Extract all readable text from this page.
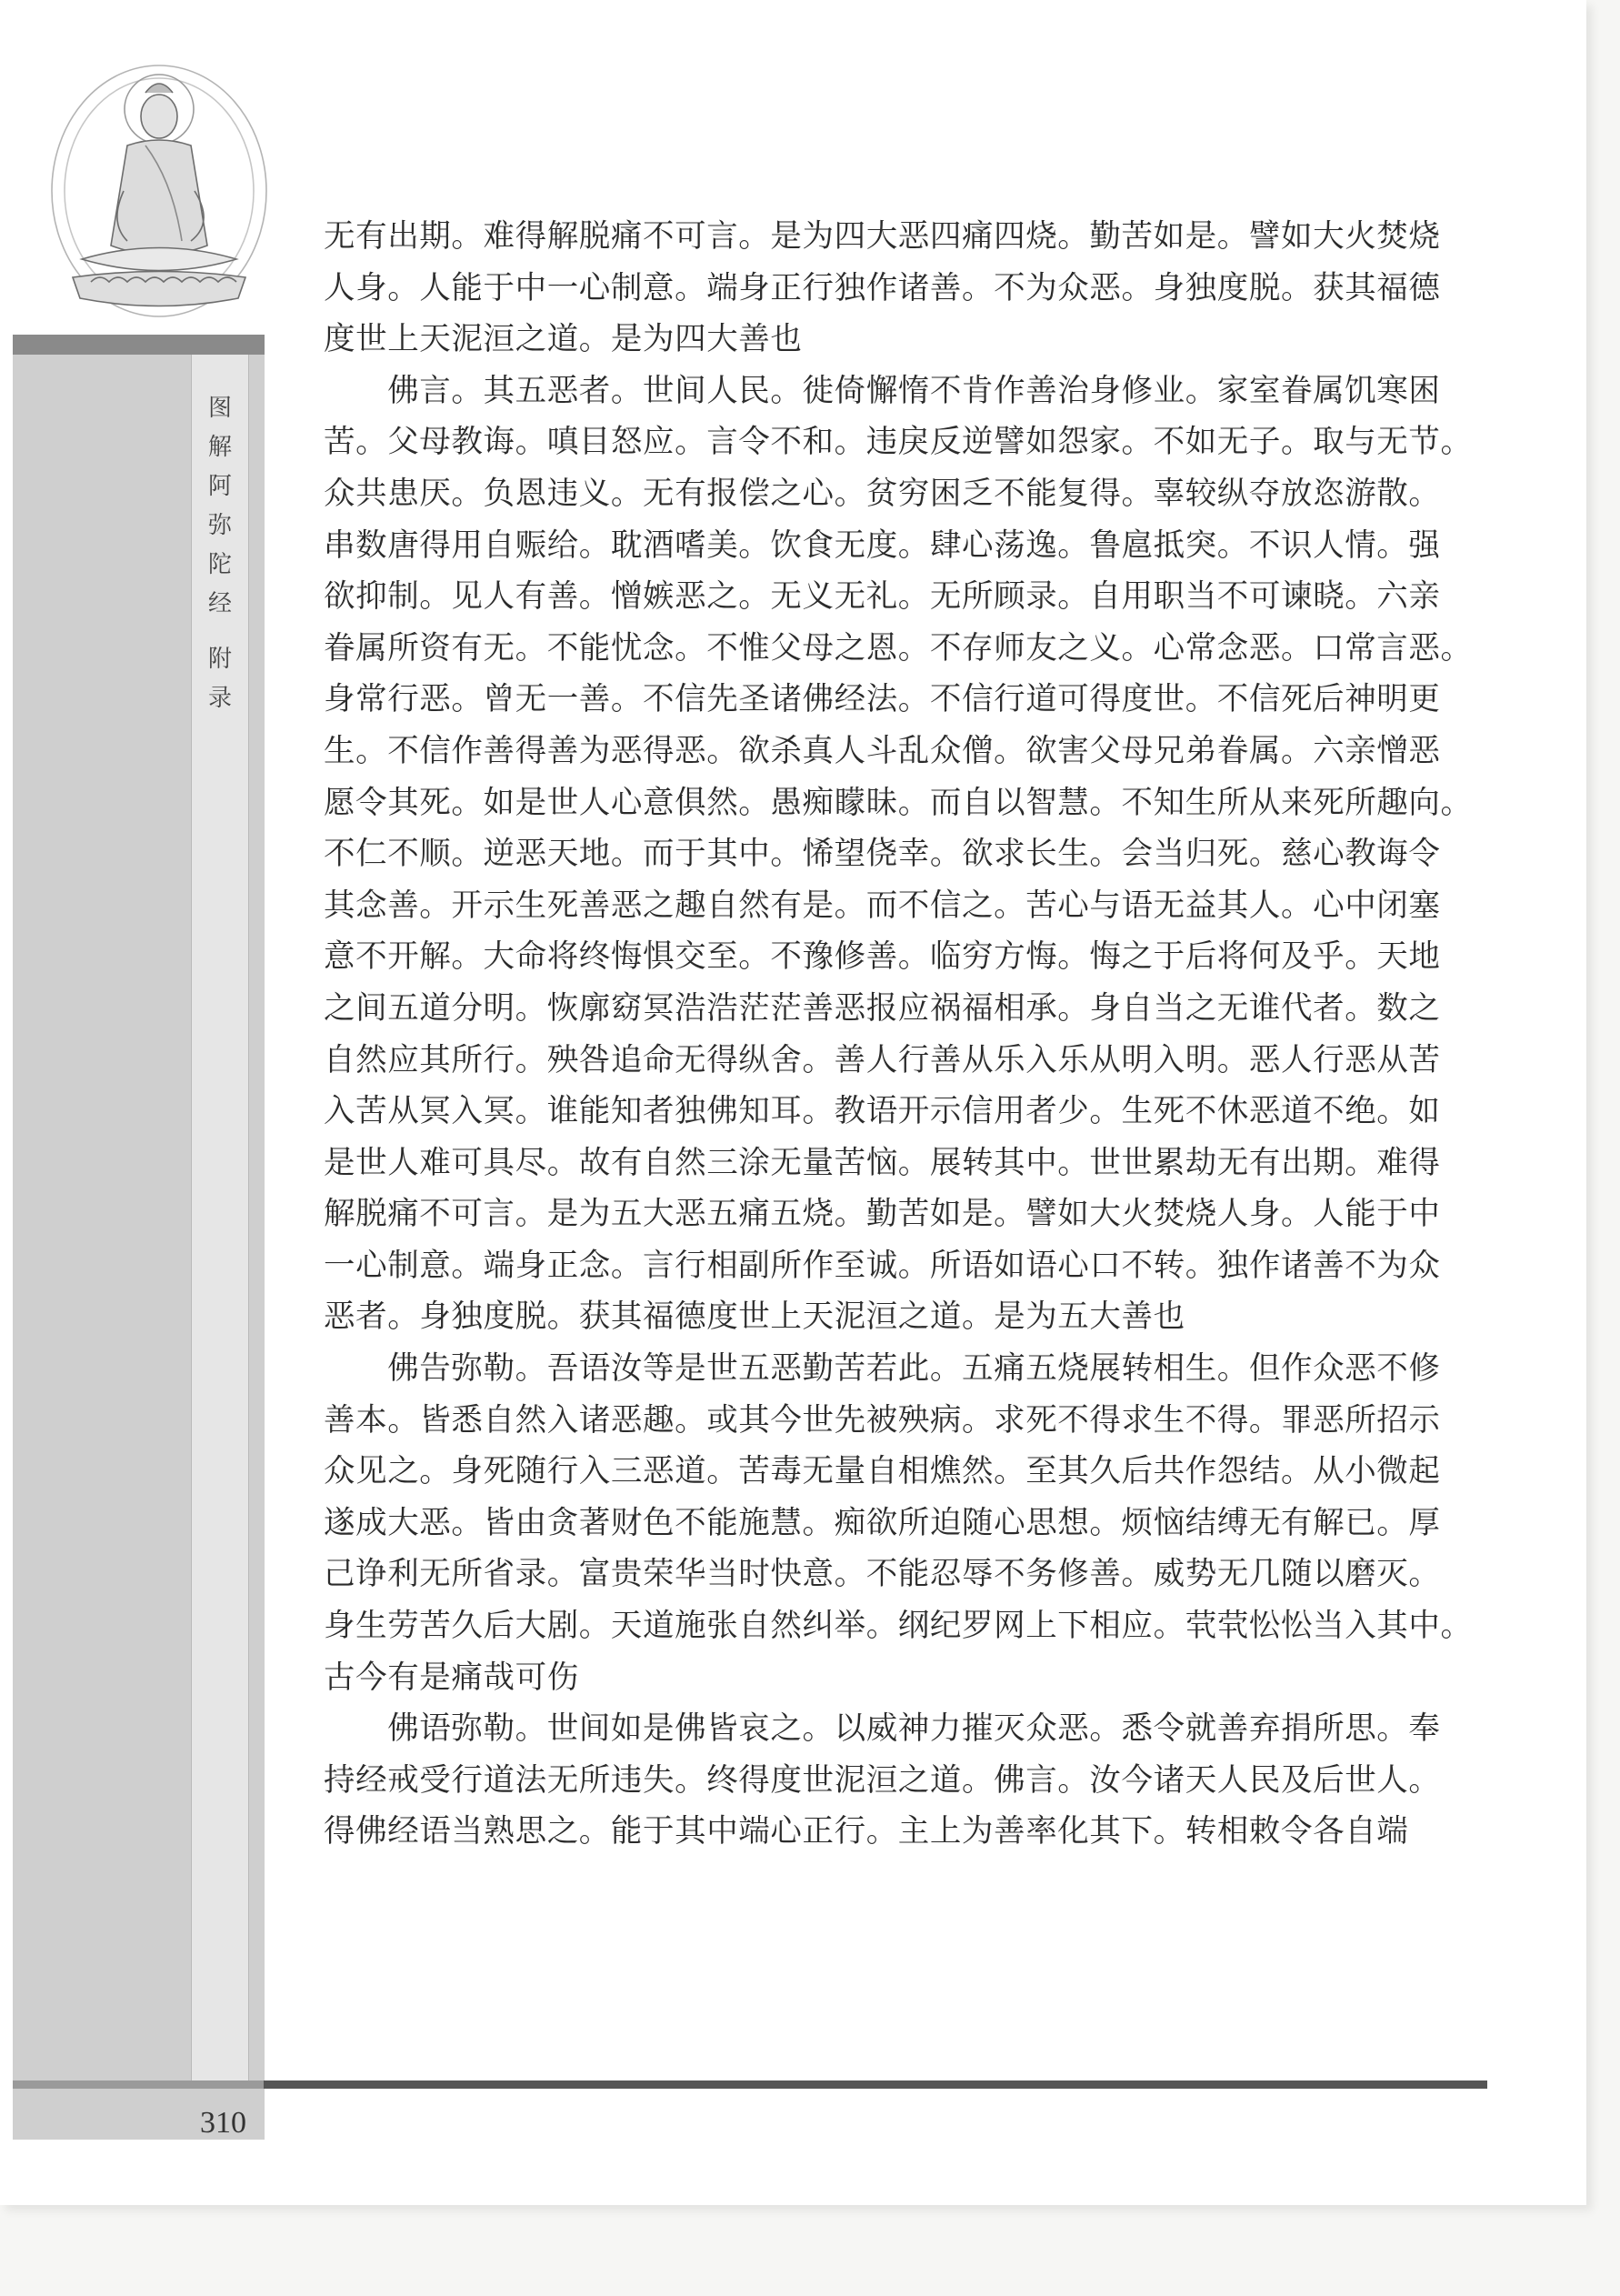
图
解
阿
弥
陀
经
附
录

无有出期。难得解脱痛不可言。是为四大恶四痛四烧。勤苦如是。譬如大火焚烧
人身。人能于中一心制意。端身正行独作诸善。不为众恶。身独度脱。获其福德
度世上天泥洹之道。是为四大善也

　　佛言。其五恶者。世间人民。徙倚懈惰不肯作善治身修业。家室眷属饥寒困
苦。父母教诲。嗔目怒应。言令不和。违戾反逆譬如怨家。不如无子。取与无节。
众共患厌。负恩违义。无有报偿之心。贫穷困乏不能复得。辜较纵夺放恣游散。
串数唐得用自赈给。耽酒嗜美。饮食无度。肆心荡逸。鲁扈抵突。不识人情。强
欲抑制。见人有善。憎嫉恶之。无义无礼。无所顾录。自用职当不可谏晓。六亲
眷属所资有无。不能忧念。不惟父母之恩。不存师友之义。心常念恶。口常言恶。
身常行恶。曾无一善。不信先圣诸佛经法。不信行道可得度世。不信死后神明更
生。不信作善得善为恶得恶。欲杀真人斗乱众僧。欲害父母兄弟眷属。六亲憎恶
愿令其死。如是世人心意俱然。愚痴矇昧。而自以智慧。不知生所从来死所趣向。
不仁不顺。逆恶天地。而于其中。悕望侥幸。欲求长生。会当归死。慈心教诲令
其念善。开示生死善恶之趣自然有是。而不信之。苦心与语无益其人。心中闭塞
意不开解。大命将终悔惧交至。不豫修善。临穷方悔。悔之于后将何及乎。天地
之间五道分明。恢廓窈冥浩浩茫茫善恶报应祸福相承。身自当之无谁代者。数之
自然应其所行。殃咎追命无得纵舍。善人行善从乐入乐从明入明。恶人行恶从苦
入苦从冥入冥。谁能知者独佛知耳。教语开示信用者少。生死不休恶道不绝。如
是世人难可具尽。故有自然三涂无量苦恼。展转其中。世世累劫无有出期。难得
解脱痛不可言。是为五大恶五痛五烧。勤苦如是。譬如大火焚烧人身。人能于中
一心制意。端身正念。言行相副所作至诚。所语如语心口不转。独作诸善不为众
恶者。身独度脱。获其福德度世上天泥洹之道。是为五大善也

　　佛告弥勒。吾语汝等是世五恶勤苦若此。五痛五烧展转相生。但作众恶不修
善本。皆悉自然入诸恶趣。或其今世先被殃病。求死不得求生不得。罪恶所招示
众见之。身死随行入三恶道。苦毒无量自相燋然。至其久后共作怨结。从小微起
遂成大恶。皆由贪著财色不能施慧。痴欲所迫随心思想。烦恼结缚无有解已。厚
己诤利无所省录。富贵荣华当时快意。不能忍辱不务修善。威势无几随以磨灭。
身生劳苦久后大剧。天道施张自然纠举。纲纪罗网上下相应。茕茕忪忪当入其中。
古今有是痛哉可伤

　　佛语弥勒。世间如是佛皆哀之。以威神力摧灭众恶。悉令就善弃捐所思。奉
持经戒受行道法无所违失。终得度世泥洹之道。佛言。汝今诸天人民及后世人。
得佛经语当熟思之。能于其中端心正行。主上为善率化其下。转相敕令各自端

310
